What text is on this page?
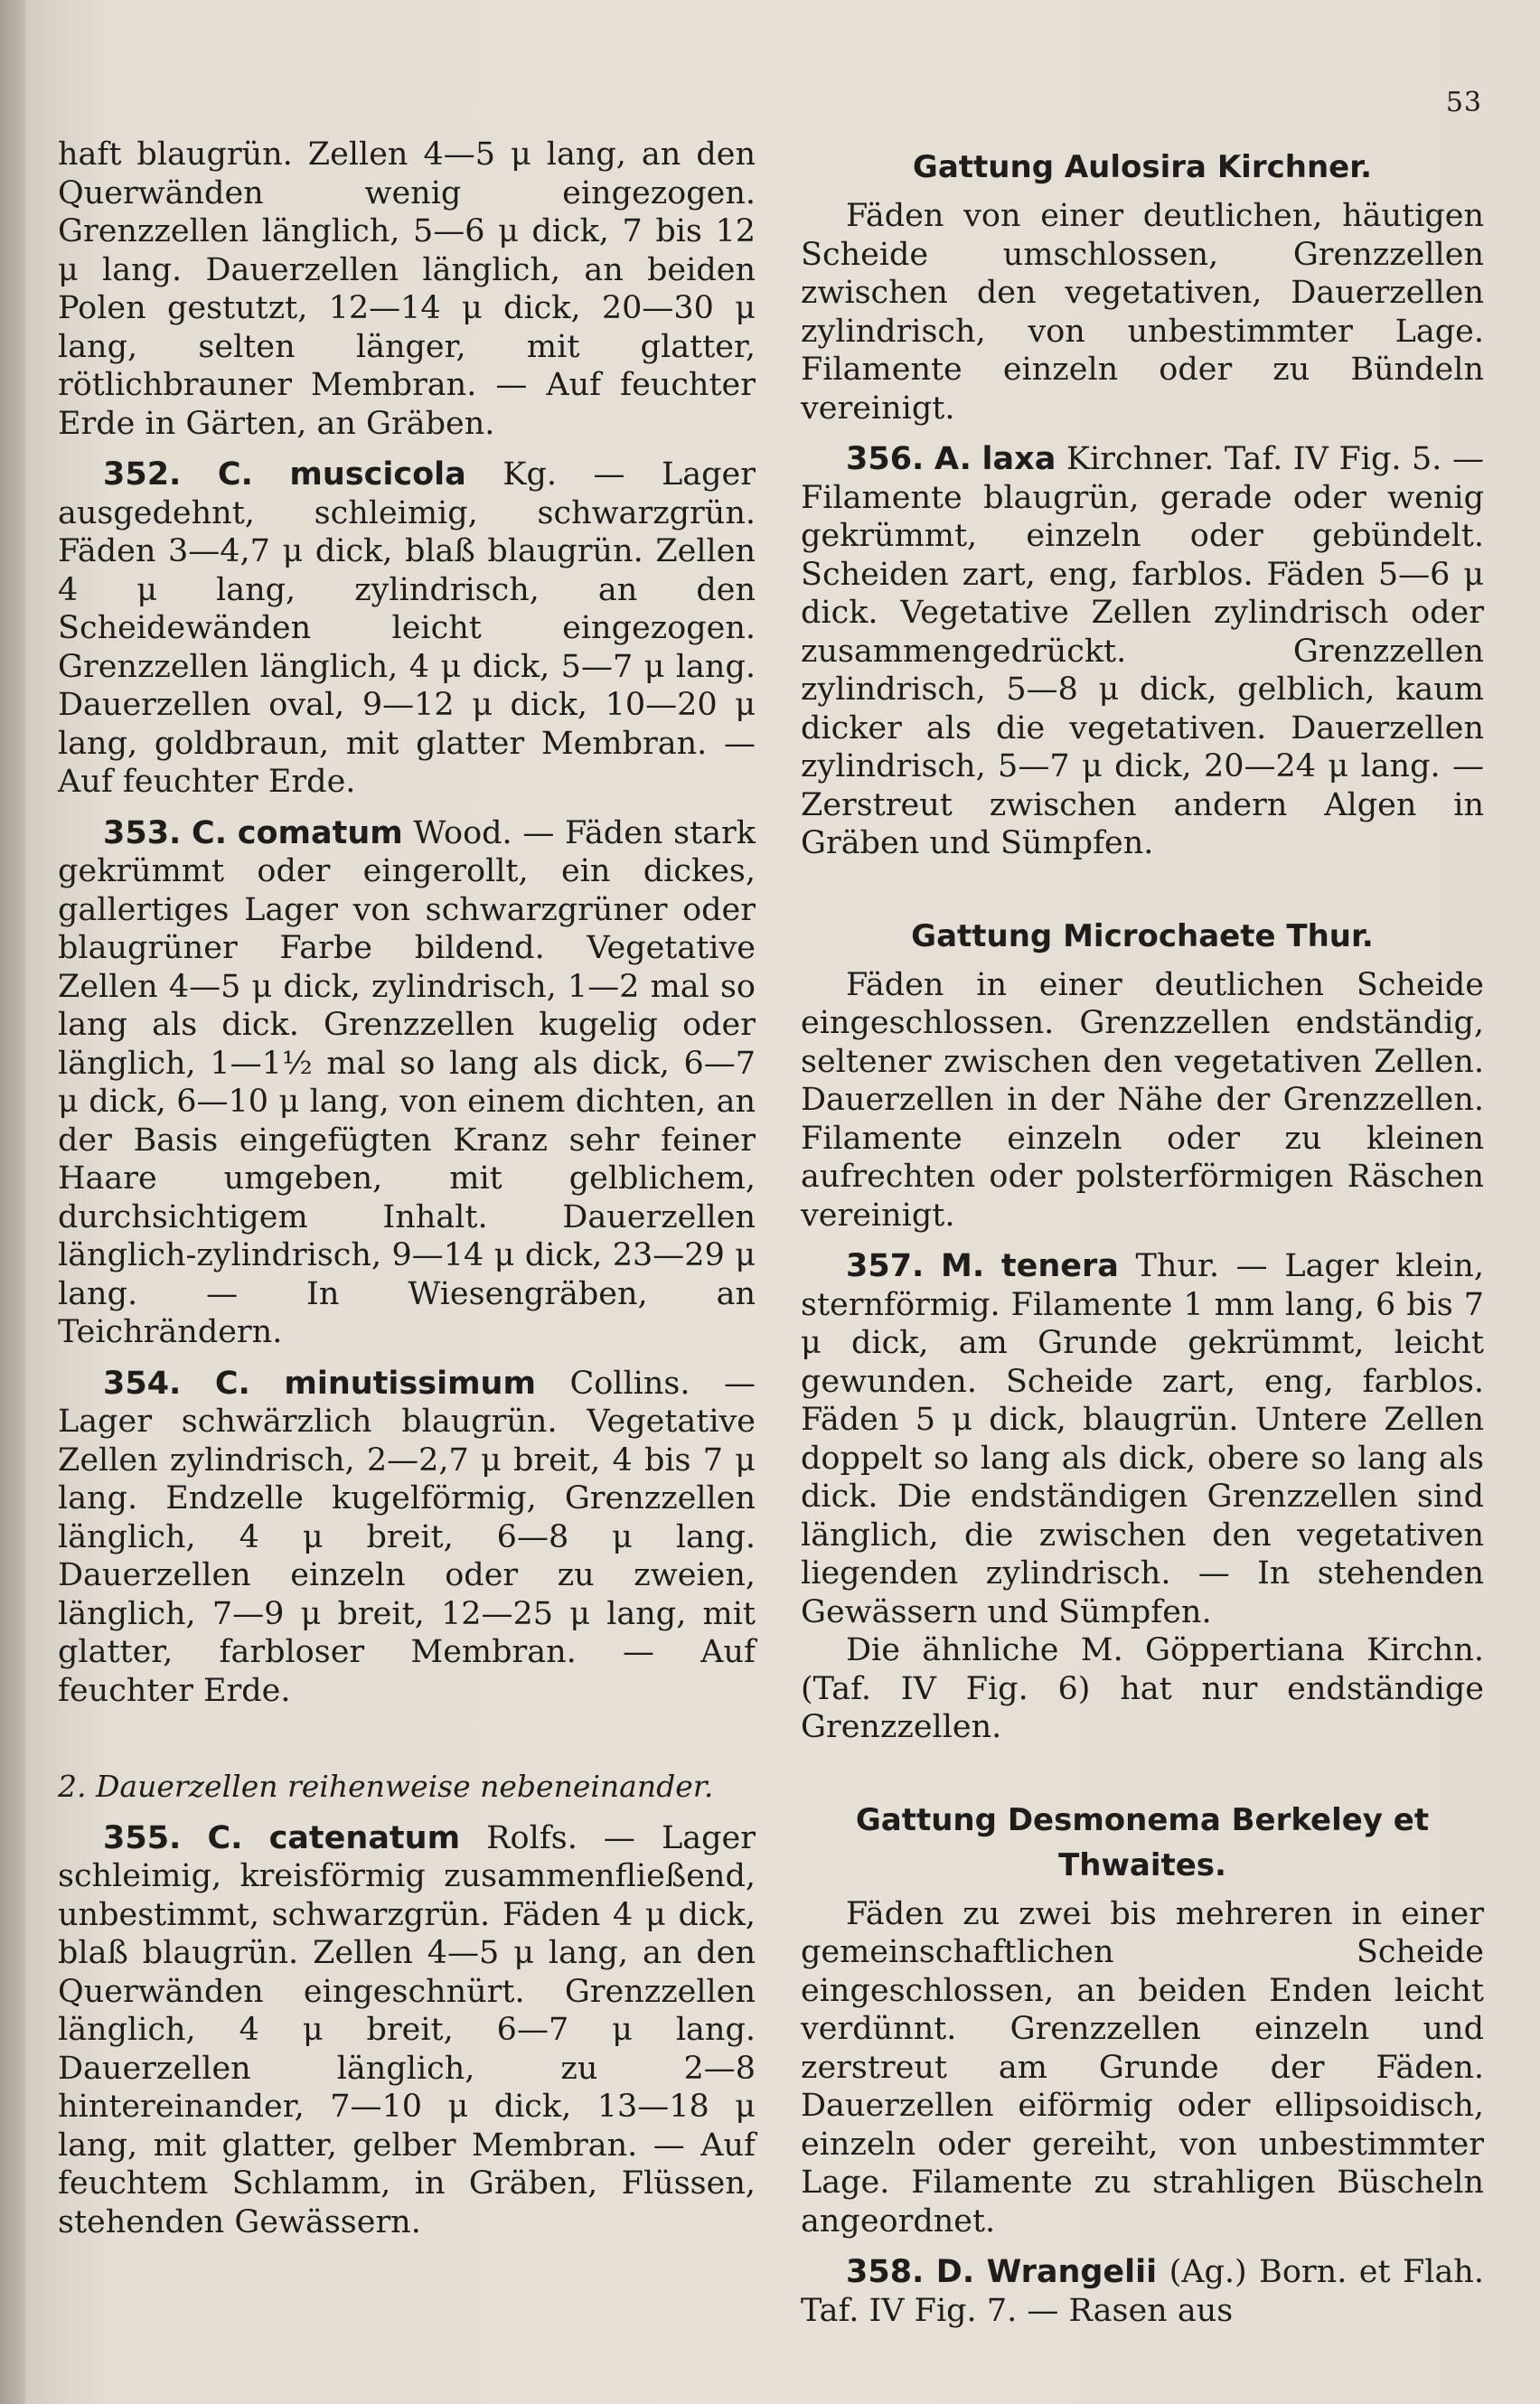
53

haft blaugrün. Zellen 4—5 μ lang, an den Querwänden wenig eingezogen. Grenzzellen länglich, 5—6 μ dick, 7 bis 12 μ lang. Dauerzellen länglich, an beiden Polen gestutzt, 12—14 μ dick, 20—30 μ lang, selten länger, mit glatter, rötlichbrauner Membran. — Auf feuchter Erde in Gärten, an Gräben.

352. C. muscicola Kg. — Lager ausgedehnt, schleimig, schwarzgrün. Fäden 3—4,7 μ dick, blaß blaugrün. Zellen 4 μ lang, zylindrisch, an den Scheidewänden leicht eingezogen. Grenzzellen länglich, 4 μ dick, 5—7 μ lang. Dauerzellen oval, 9—12 μ dick, 10—20 μ lang, goldbraun, mit glatter Membran. — Auf feuchter Erde.

353. C. comatum Wood. — Fäden stark gekrümmt oder eingerollt, ein dickes, gallertiges Lager von schwarzgrüner oder blaugrüner Farbe bildend. Vegetative Zellen 4—5 μ dick, zylindrisch, 1—2 mal so lang als dick. Grenzzellen kugelig oder länglich, 1—1½ mal so lang als dick, 6—7 μ dick, 6—10 μ lang, von einem dichten, an der Basis eingefügten Kranz sehr feiner Haare umgeben, mit gelblichem, durchsichtigem Inhalt. Dauerzellen länglich-zylindrisch, 9—14 μ dick, 23—29 μ lang. — In Wiesengräben, an Teichrändern.

354. C. minutissimum Collins. — Lager schwärzlich blaugrün. Vegetative Zellen zylindrisch, 2—2,7 μ breit, 4 bis 7 μ lang. Endzelle kugelförmig, Grenzzellen länglich, 4 μ breit, 6—8 μ lang. Dauerzellen einzeln oder zu zweien, länglich, 7—9 μ breit, 12—25 μ lang, mit glatter, farbloser Membran. — Auf feuchter Erde.

2. Dauerzellen reihenweise nebeneinander.

355. C. catenatum Rolfs. — Lager schleimig, kreisförmig zusammenfließend, unbestimmt, schwarzgrün. Fäden 4 μ dick, blaß blaugrün. Zellen 4—5 μ lang, an den Querwänden eingeschnürt. Grenzzellen länglich, 4 μ breit, 6—7 μ lang. Dauerzellen länglich, zu 2—8 hintereinander, 7—10 μ dick, 13—18 μ lang, mit glatter, gelber Membran. — Auf feuchtem Schlamm, in Gräben, Flüssen, stehenden Gewässern.

Gattung Aulosira Kirchner.

Fäden von einer deutlichen, häutigen Scheide umschlossen, Grenzzellen zwischen den vegetativen, Dauerzellen zylindrisch, von unbestimmter Lage. Filamente einzeln oder zu Bündeln vereinigt.

356. A. laxa Kirchner. Taf. IV Fig. 5. — Filamente blaugrün, gerade oder wenig gekrümmt, einzeln oder gebündelt. Scheiden zart, eng, farblos. Fäden 5—6 μ dick. Vegetative Zellen zylindrisch oder zusammengedrückt. Grenzzellen zylindrisch, 5—8 μ dick, gelblich, kaum dicker als die vegetativen. Dauerzellen zylindrisch, 5—7 μ dick, 20—24 μ lang. — Zerstreut zwischen andern Algen in Gräben und Sümpfen.

Gattung Microchaete Thur.

Fäden in einer deutlichen Scheide eingeschlossen. Grenzzellen endständig, seltener zwischen den vegetativen Zellen. Dauerzellen in der Nähe der Grenzzellen. Filamente einzeln oder zu kleinen aufrechten oder polsterförmigen Räschen vereinigt.

357. M. tenera Thur. — Lager klein, sternförmig. Filamente 1 mm lang, 6 bis 7 μ dick, am Grunde gekrümmt, leicht gewunden. Scheide zart, eng, farblos. Fäden 5 μ dick, blaugrün. Untere Zellen doppelt so lang als dick, obere so lang als dick. Die endständigen Grenzzellen sind länglich, die zwischen den vegetativen liegenden zylindrisch. — In stehenden Gewässern und Sümpfen.

Die ähnliche M. Göppertiana Kirchn. (Taf. IV Fig. 6) hat nur endständige Grenzzellen.

Gattung Desmonema Berkeley et Thwaites.

Fäden zu zwei bis mehreren in einer gemeinschaftlichen Scheide eingeschlossen, an beiden Enden leicht verdünnt. Grenzzellen einzeln und zerstreut am Grunde der Fäden. Dauerzellen eiförmig oder ellipsoidisch, einzeln oder gereiht, von unbestimmter Lage. Filamente zu strahligen Büscheln angeordnet.

358. D. Wrangelii (Ag.) Born. et Flah. Taf. IV Fig. 7. — Rasen aus
